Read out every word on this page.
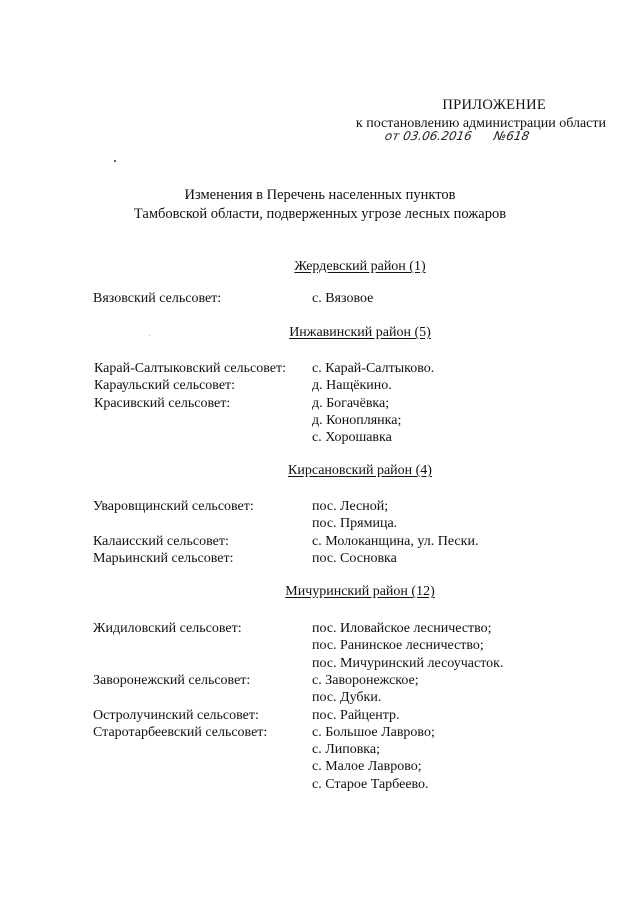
ПРИЛОЖЕНИЕ
к постановлению администрации области
от 03.06.2016 №618
Изменения в Перечень населенных пунктов
Тамбовской области, подверженных угрозе лесных пожаров
Жердевский район (1)
Вязовский сельсовет:	с. Вязовое
Инжавинский район (5)
Карай-Салтыковский сельсовет: с. Карай-Салтыково.
Караульский сельсовет:	д. Нащёкино.
Красивский сельсовет:	д. Богачёвка;
д. Коноплянка;
с. Хорошавка
Кирсановский район (4)
Уваровщинский сельсовет:	пос. Лесной;
пос. Прямица.
Калаисский сельсовет:	с. Молоканщина, ул. Пески.
Марьинский сельсовет:	пос. Сосновка
Мичуринский район (12)
Жидиловский сельсовет:	пос. Иловайское лесничество;
пос. Ранинское лесничество;
пос. Мичуринский лесоучасток.
Заворонежский сельсовет:	с. Заворонежское;
пос. Дубки.
Остролучинский сельсовет:	пос. Райцентр.
Старотарбеевский сельсовет:	с. Большое Лаврово;
с. Липовка;
с. Малое Лаврово;
с. Старое Тарбеево.
